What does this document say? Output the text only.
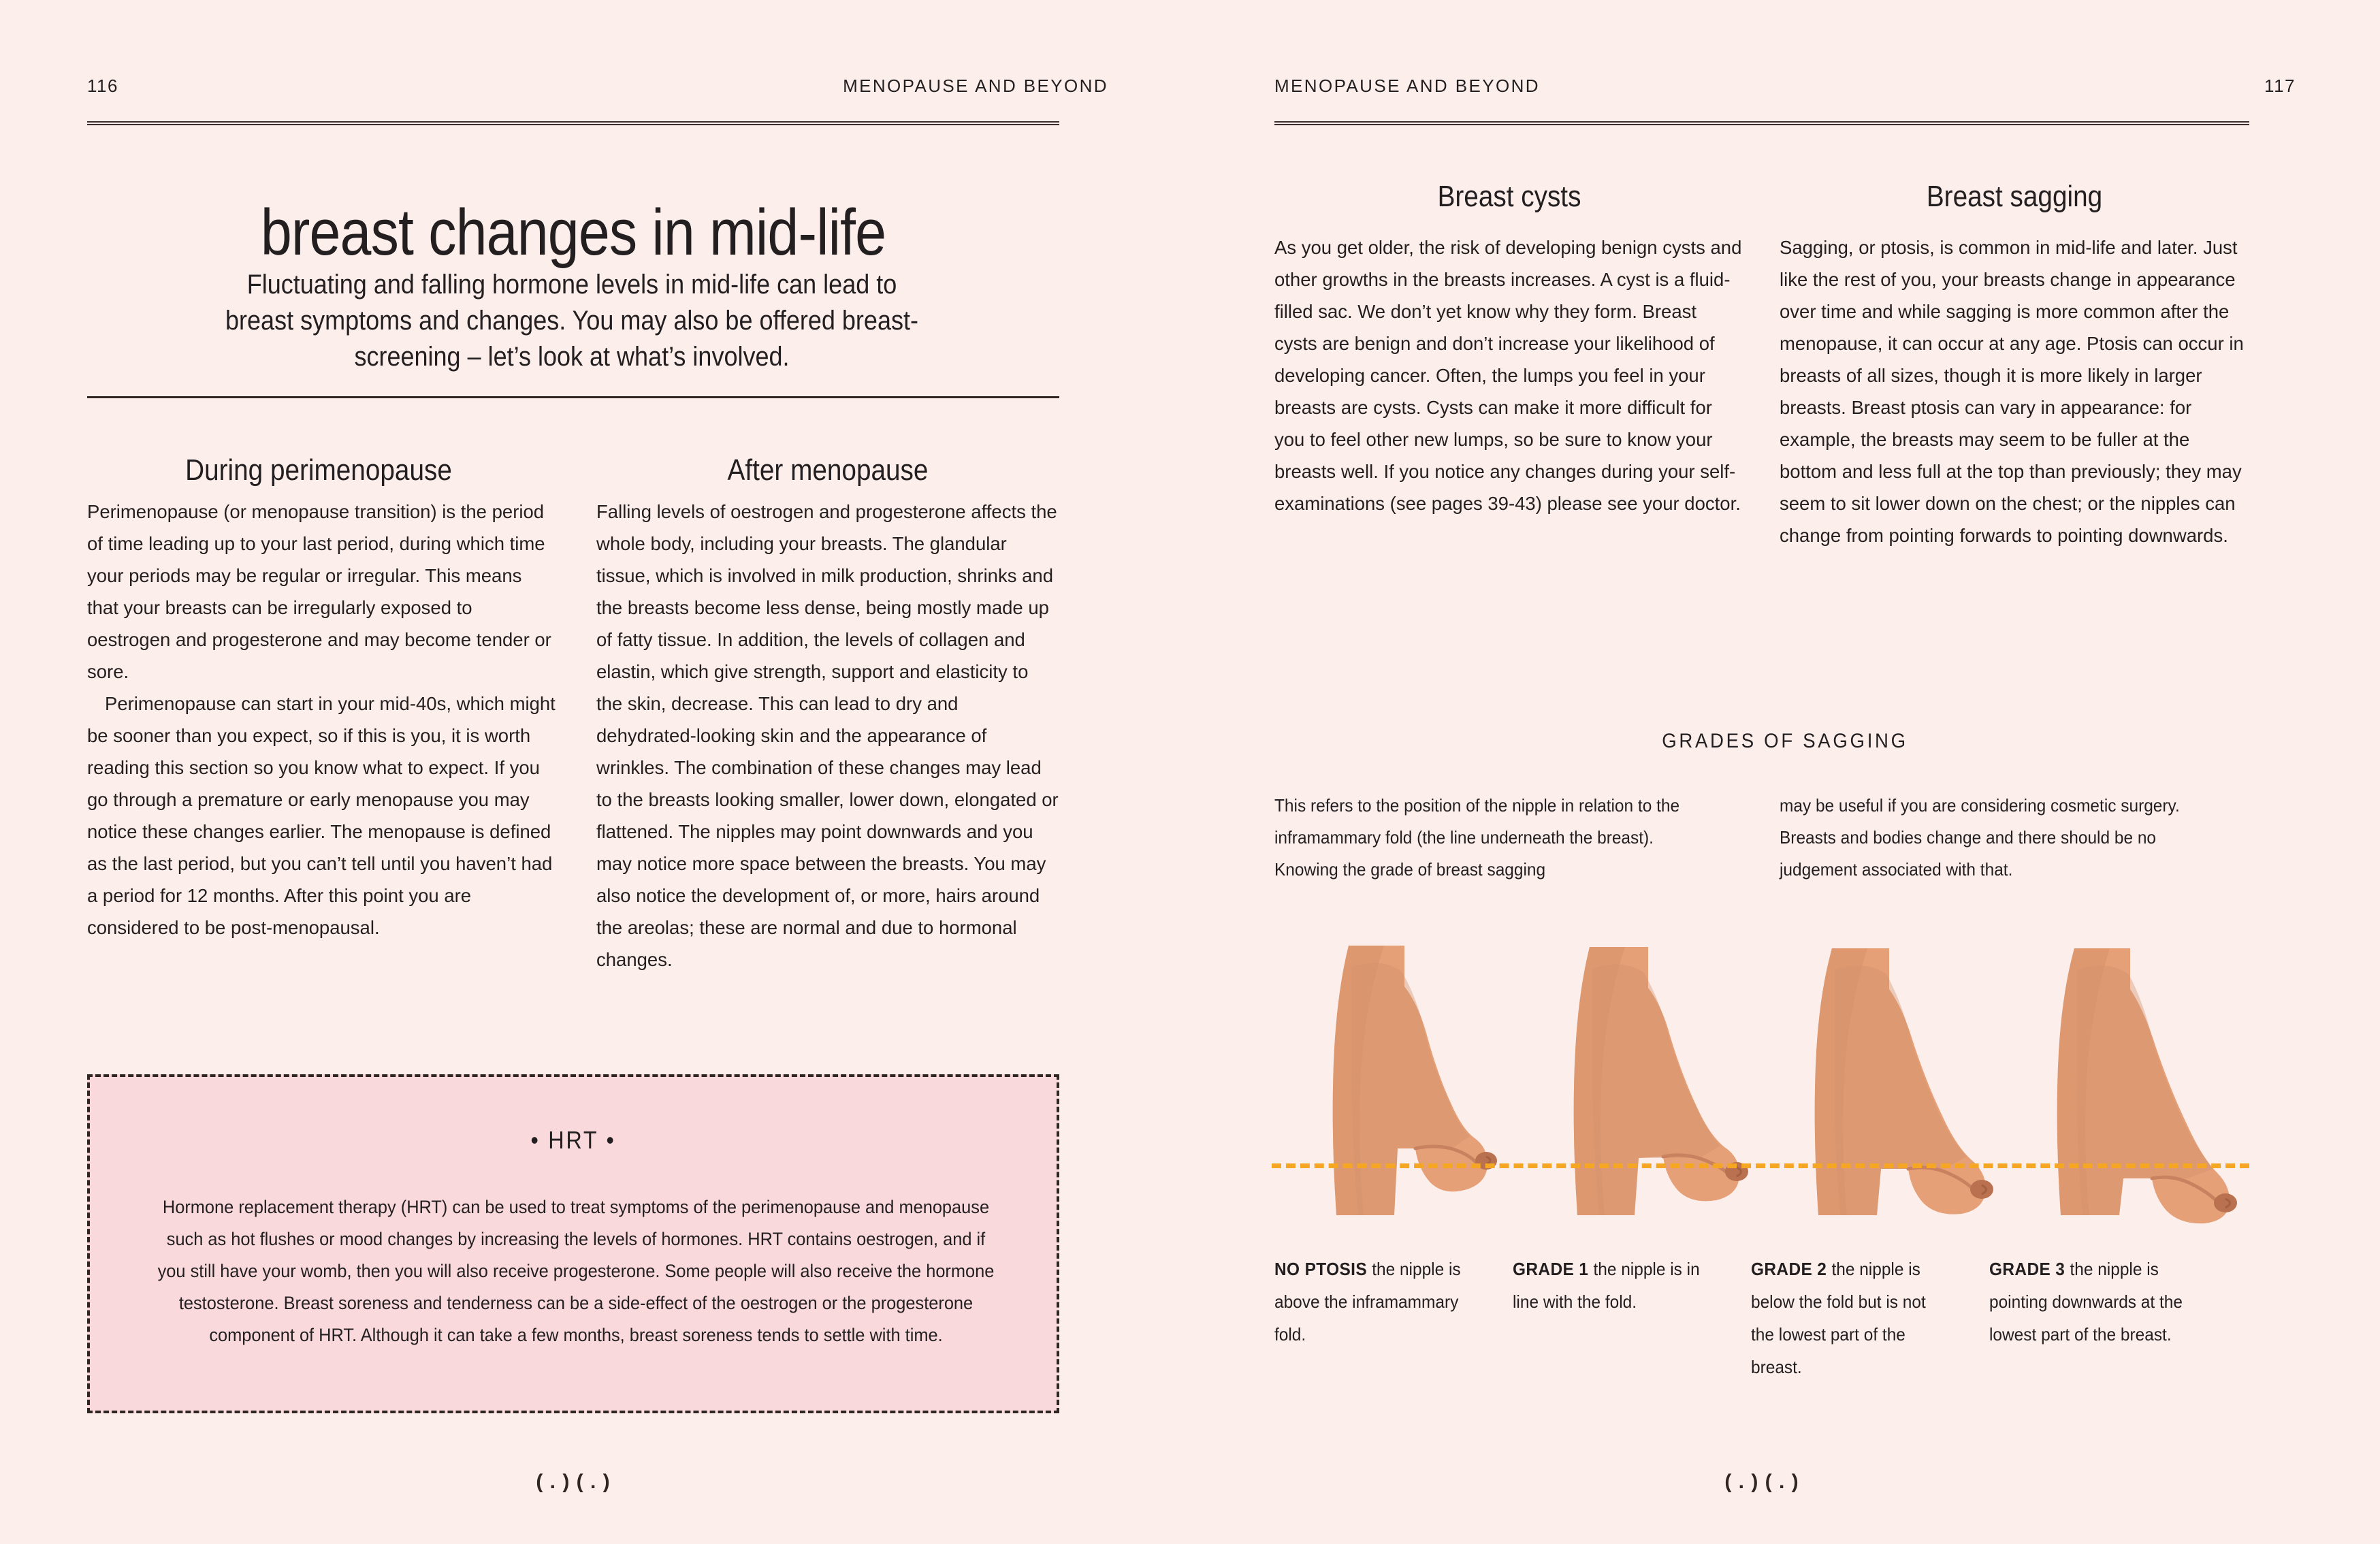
116	MENOPAUSE AND BEYOND
breast changes in mid-life

Fluctuating and falling hormone levels in mid-life can lead to breast symptoms and changes. You may also be offered breast-screening – let’s look at what’s involved.

During perimenopause	After menopause

Perimenopause (or menopause transition) is the period of time leading up to your last period, during which time your periods may be regular or irregular. This means that your breasts can be irregularly exposed to oestrogen and progesterone and may become tender or sore.

Perimenopause can start in your mid-40s, which might be sooner than you expect, so if this is you, it is worth reading this section so you know what to expect. If you go through a premature or early menopause you may notice these changes earlier. The menopause is defined as the last period, but you can’t tell until you haven’t had a period for 12 months. After this point you are considered to be post-menopausal.

Falling levels of oestrogen and progesterone affects the whole body, including your breasts. The glandular tissue, which is involved in milk production, shrinks and the breasts become less dense, being mostly made up of fatty tissue. In addition, the levels of collagen and elastin, which give strength, support and elasticity to the skin, decrease. This can lead to dry and dehydrated-looking skin and the appearance of wrinkles. The combination of these changes may lead to the breasts looking smaller, lower down, elongated or flattened. The nipples may point downwards and you may notice more space between the breasts. You may also notice the development of, or more, hairs around the areolas; these are normal and due to hormonal changes.

• HRT •
Hormone replacement therapy (HRT) can be used to treat symptoms of the perimenopause and menopause such as hot flushes or mood changes by increasing the levels of hormones. HRT contains oestrogen, and if you still have your womb, then you will also receive progesterone. Some people will also receive the hormone testosterone. Breast soreness and tenderness can be a side-effect of the oestrogen or the progesterone component of HRT. Although it can take a few months, breast soreness tends to settle with time.
( . ) ( . )
MENOPAUSE AND BEYOND	117
Breast cysts	Breast sagging

As you get older, the risk of developing benign cysts and other growths in the breasts increases. A cyst is a fluid-filled sac. We don’t yet know why they form. Breast cysts are benign and don’t increase your likelihood of developing cancer. Often, the lumps you feel in your breasts are cysts. Cysts can make it more difficult for you to feel other new lumps, so be sure to know your breasts well. If you notice any changes during your self-examinations (see pages 39-43) please see your doctor.

Sagging, or ptosis, is common in mid-life and later. Just like the rest of you, your breasts change in appearance over time and while sagging is more common after the menopause, it can occur at any age. Ptosis can occur in breasts of all sizes, though it is more likely in larger breasts. Breast ptosis can vary in appearance: for example, the breasts may seem to be fuller at the bottom and less full at the top than previously; they may seem to sit lower down on the chest; or the nipples can change from pointing forwards to pointing downwards.

GRADES OF SAGGING
This refers to the position of the nipple in relation to the inframammary fold (the line underneath the breast). Knowing the grade of breast sagging
may be useful if you are considering cosmetic surgery. Breasts and bodies change and there should be no judgement associated with that.
NO PTOSIS the nipple is above the inframammary fold.
GRADE 1 the nipple is in line with the fold.
GRADE 2 the nipple is below the fold but is not the lowest part of the breast.
GRADE 3 the nipple is pointing downwards at the lowest part of the breast.
( . ) ( . )
